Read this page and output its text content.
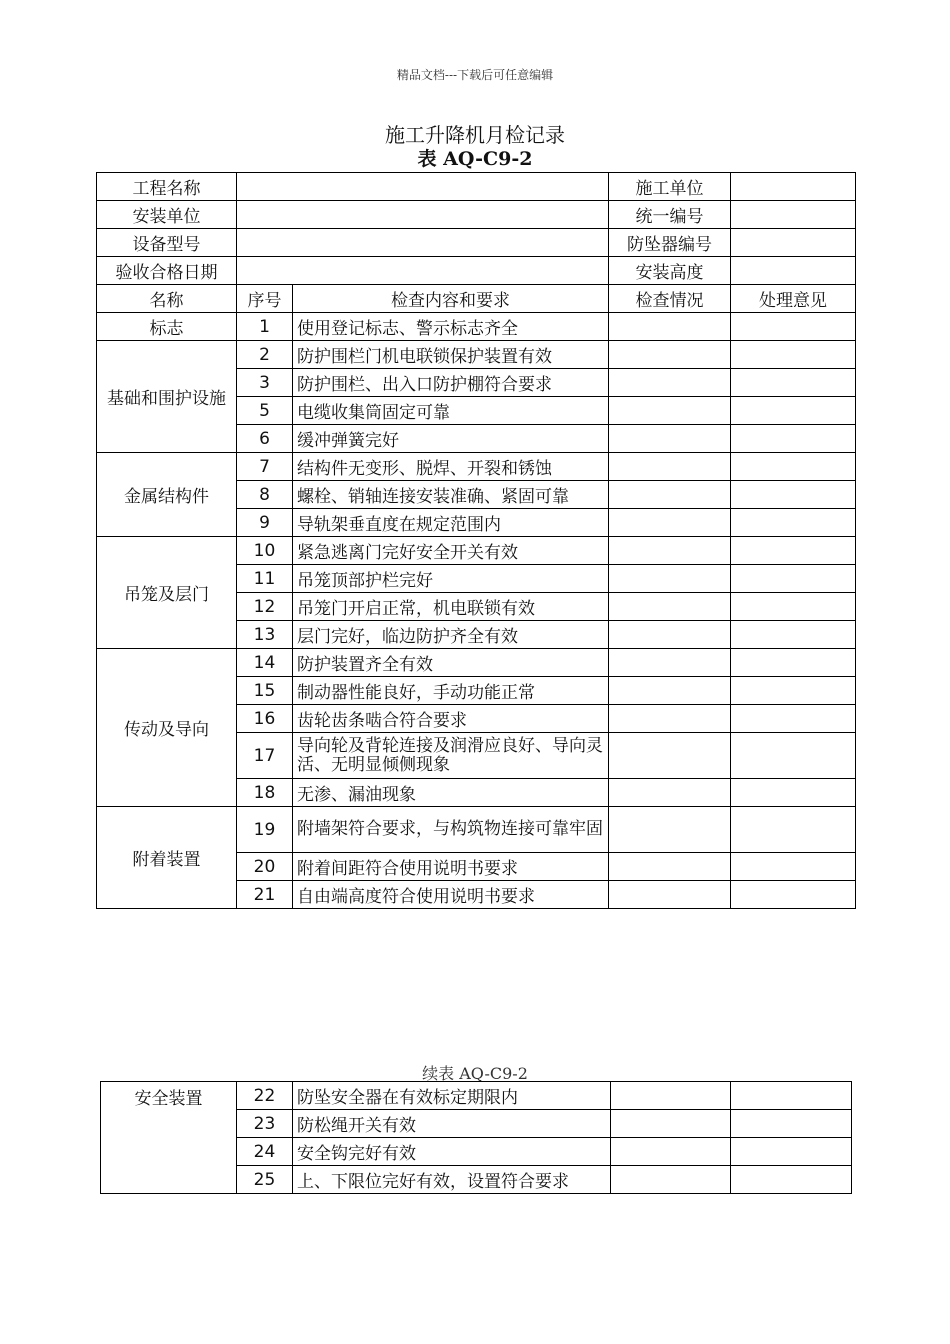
精品文档---下载后可任意编辑
施工升降机月检记录
表 AQ-C9-2
工程名称			施工单位	
安装单位			统一编号	
设备型号			防坠器编号	
验收合格日期			安装高度	
名称	序号	检查内容和要求	检查情况	处理意见
标志	1	使用登记标志、警示标志齐全		
基础和围护设施	2	防护围栏门机电联锁保护装置有效		
	3	防护围栏、出入口防护棚符合要求		
	5	电缆收集筒固定可靠		
	6	缓冲弹簧完好		
金属结构件	7	结构件无变形、脱焊、开裂和锈蚀		
	8	螺栓、销轴连接安装准确、紧固可靠		
	9	导轨架垂直度在规定范围内		
吊笼及层门	10	紧急逃离门完好安全开关有效		
	11	吊笼顶部护栏完好		
	12	吊笼门开启正常，机电联锁有效		
	13	层门完好，临边防护齐全有效		
传动及导向	14	防护装置齐全有效		
	15	制动器性能良好，手动功能正常		
	16	齿轮齿条啮合符合要求		
	17	导向轮及背轮连接及润滑应良好、导向灵活、无明显倾侧现象		
	18	无渗、漏油现象		
附着装置	19	附墙架符合要求，与构筑物连接可靠牢固		
	20	附着间距符合使用说明书要求		
	21	自由端高度符合使用说明书要求		
续表 AQ-C9-2
安全装置	22	防坠安全器在有效标定期限内		
	23	防松绳开关有效		
	24	安全钩完好有效		
	25	上、下限位完好有效，设置符合要求		
